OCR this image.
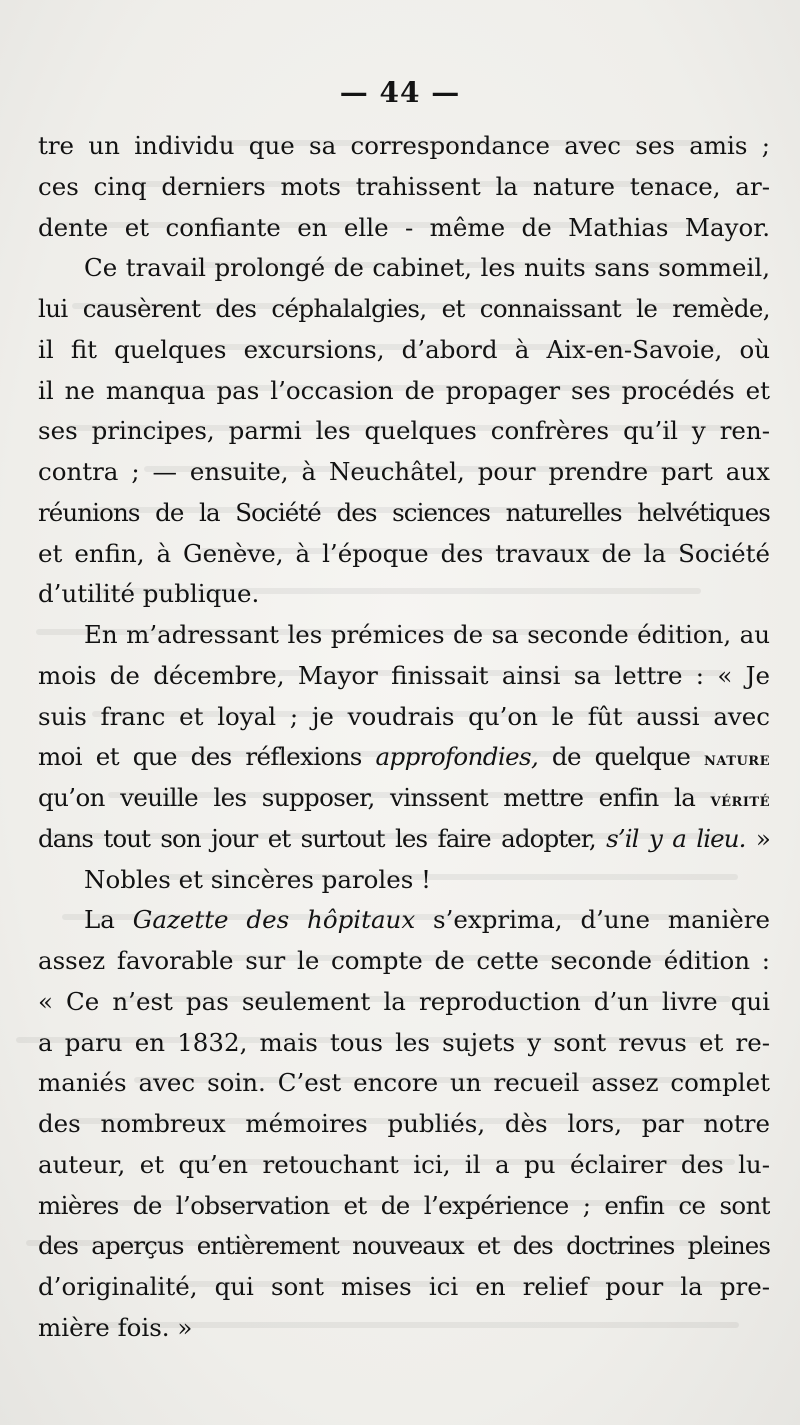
— 44 —
tre un individu que sa correspondance avec ses amis ;
ces cinq derniers mots trahissent la nature tenace, ar-
dente et confiante en elle - même de Mathias Mayor.
Ce travail prolongé de cabinet, les nuits sans sommeil,
lui causèrent des céphalalgies, et connaissant le remède,
il fit quelques excursions, d’abord à Aix-en-Savoie, où
il ne manqua pas l’occasion de propager ses procédés et
ses principes, parmi les quelques confrères qu’il y ren-
contra ; — ensuite, à Neuchâtel, pour prendre part aux
réunions de la Société des sciences naturelles helvétiques
et enfin, à Genève, à l’époque des travaux de la Société
d’utilité publique.
En m’adressant les prémices de sa seconde édition, au
mois de décembre, Mayor finissait ainsi sa lettre : « Je
suis franc et loyal ; je voudrais qu’on le fût aussi avec
moi et que des réflexions approfondies, de quelque nature
qu’on veuille les supposer, vinssent mettre enfin la vérité
dans tout son jour et surtout les faire adopter, s’il y a lieu. »
Nobles et sincères paroles !
La Gazette des hôpitaux s’exprima, d’une manière
assez favorable sur le compte de cette seconde édition :
« Ce n’est pas seulement la reproduction d’un livre qui
a paru en 1832, mais tous les sujets y sont revus et re-
maniés avec soin. C’est encore un recueil assez complet
des nombreux mémoires publiés, dès lors, par notre
auteur, et qu’en retouchant ici, il a pu éclairer des lu-
mières de l’observation et de l’expérience ; enfin ce sont
des aperçus entièrement nouveaux et des doctrines pleines
d’originalité, qui sont mises ici en relief pour la pre-
mière fois. »
